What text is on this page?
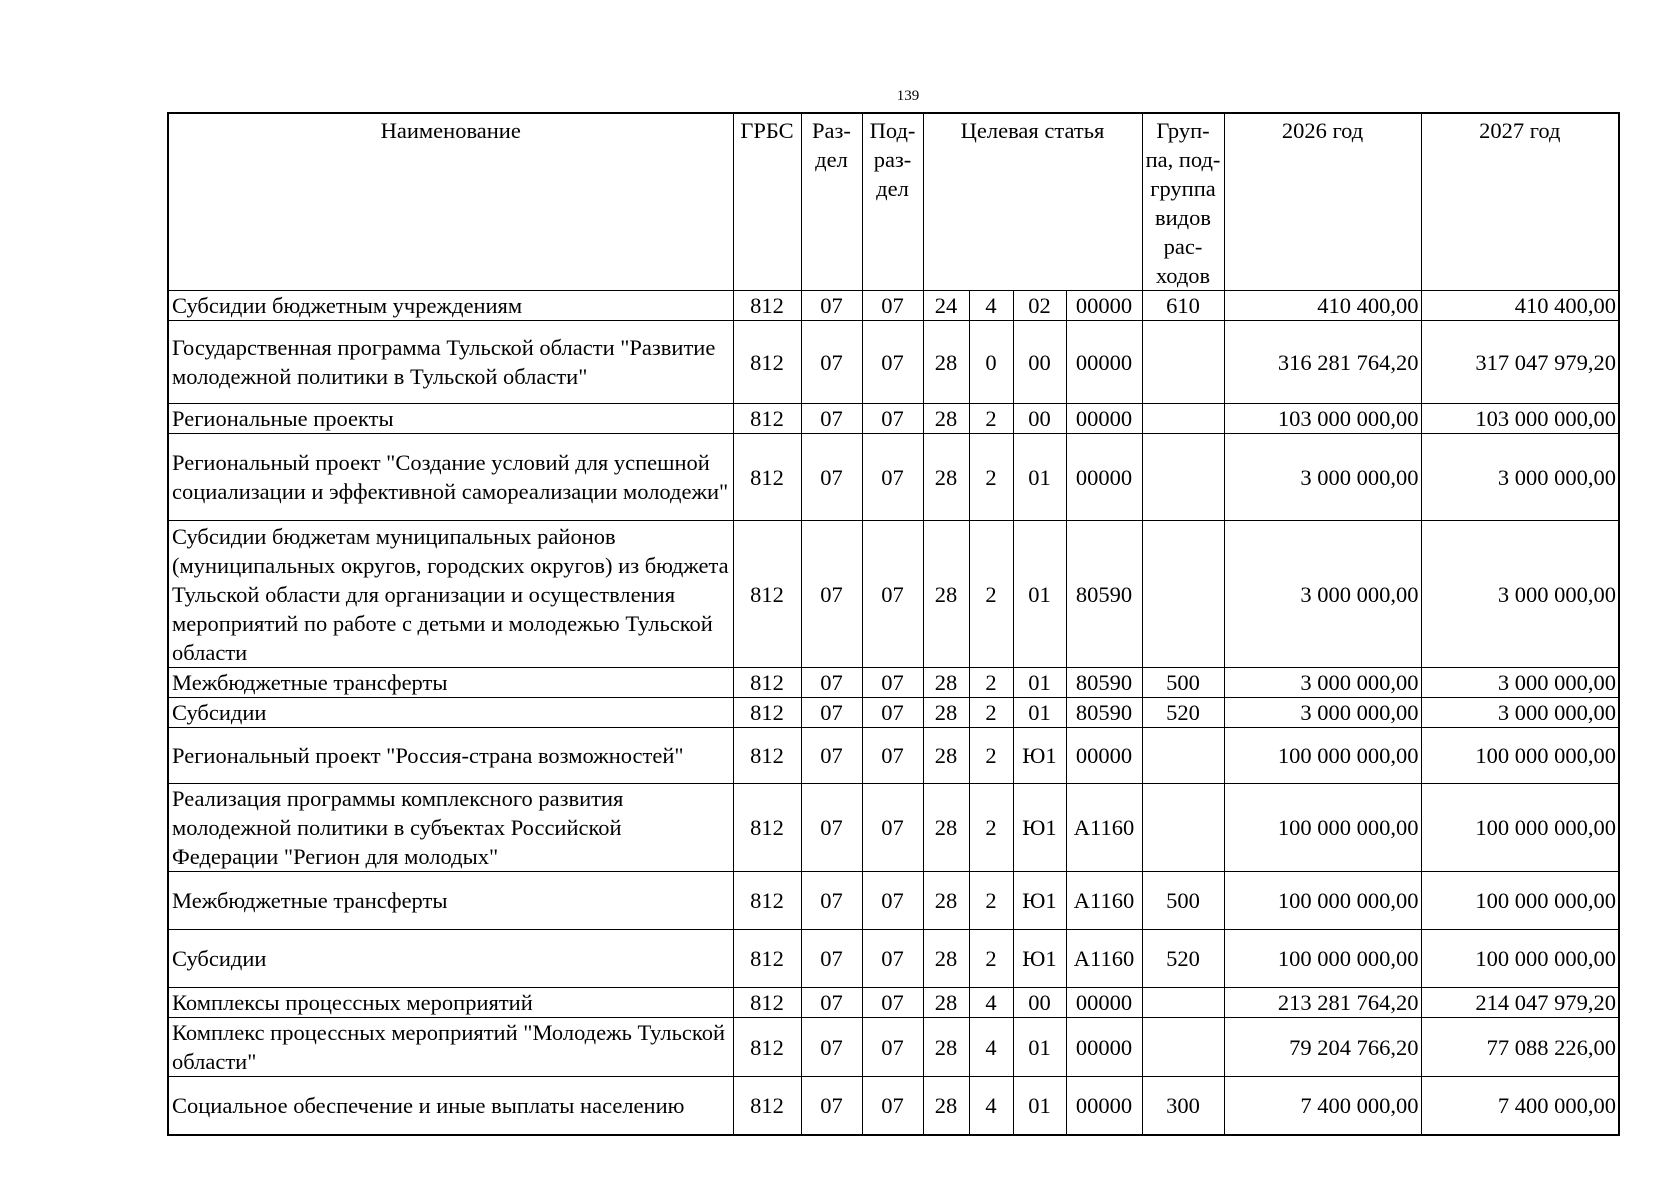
139
Наименование	ГРБС	Раз-дел	Под-раз-дел	Целевая статья				Груп-па, под-группа видов рас-ходов	2026 год	2027 год
Субсидии бюджетным учреждениям	812	07	07	24	4	02	00000	610	410 400,00	410 400,00
Государственная программа Тульской области "Развитие молодежной политики в Тульской области"	812	07	07	28	0	00	00000		316 281 764,20	317 047 979,20
Региональные проекты	812	07	07	28	2	00	00000		103 000 000,00	103 000 000,00
Региональный проект "Создание условий для успешной социализации и эффективной самореализации молодежи"	812	07	07	28	2	01	00000		3 000 000,00	3 000 000,00
Субсидии бюджетам муниципальных районов (муниципальных округов, городских округов) из бюджета Тульской области для организации и осуществления мероприятий по работе с детьми и молодежью Тульской области	812	07	07	28	2	01	80590		3 000 000,00	3 000 000,00
Межбюджетные трансферты	812	07	07	28	2	01	80590	500	3 000 000,00	3 000 000,00
Субсидии	812	07	07	28	2	01	80590	520	3 000 000,00	3 000 000,00
Региональный проект "Россия-страна возможностей"	812	07	07	28	2	Ю1	00000		100 000 000,00	100 000 000,00
Реализация программы комплексного развития молодежной политики в субъектах Российской Федерации "Регион для молодых"	812	07	07	28	2	Ю1	А1160		100 000 000,00	100 000 000,00
Межбюджетные трансферты	812	07	07	28	2	Ю1	А1160	500	100 000 000,00	100 000 000,00
Субсидии	812	07	07	28	2	Ю1	А1160	520	100 000 000,00	100 000 000,00
Комплексы процессных мероприятий	812	07	07	28	4	00	00000		213 281 764,20	214 047 979,20
Комплекс процессных мероприятий "Молодежь Тульской области"	812	07	07	28	4	01	00000		79 204 766,20	77 088 226,00
Социальное обеспечение и иные выплаты населению	812	07	07	28	4	01	00000	300	7 400 000,00	7 400 000,00
